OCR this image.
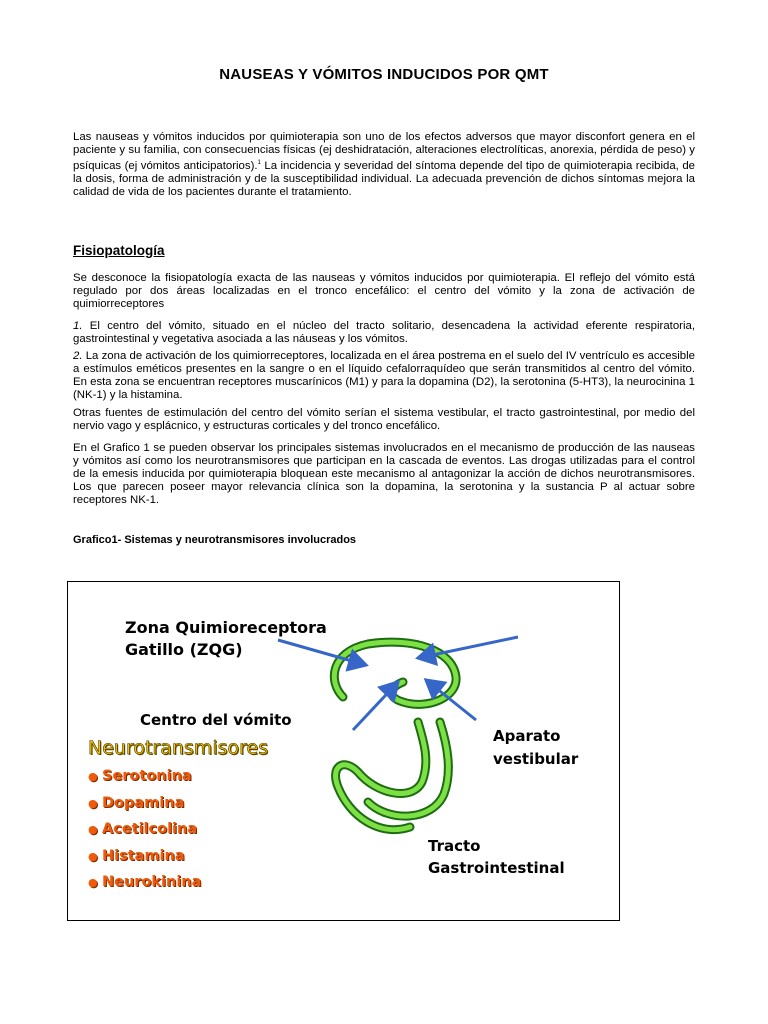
NAUSEAS Y VÓMITOS INDUCIDOS POR QMT

Las nauseas y vómitos inducidos por quimioterapia son uno de los efectos adversos que mayor disconfort genera en el paciente y su familia, con consecuencias físicas (ej deshidratación, alteraciones electrolíticas, anorexia, pérdida de peso) y psíquicas (ej vómitos anticipatorios).$^1$ La incidencia y severidad del síntoma depende del tipo de quimioterapia recibida, de la dosis, forma de administración y de la susceptibilidad individual. La adecuada prevención de dichos síntomas mejora la calidad de vida de los pacientes durante el tratamiento.

Fisiopatología

Se desconoce la fisiopatología exacta de las nauseas y vómitos inducidos por quimioterapia. El reflejo del vómito está regulado por dos áreas localizadas en el tronco encefálico: el centro del vómito y la zona de activación de quimiorreceptores

1. El centro del vómito, situado en el núcleo del tracto solitario, desencadena la actividad eferente respiratoria, gastrointestinal y vegetativa asociada a las náuseas y los vómitos.

2. La zona de activación de los quimiorreceptores, localizada en el área postrema en el suelo del IV ventrículo es accesible a estímulos eméticos presentes en la sangre o en el líquido cefalorraquídeo que serán transmitidos al centro del vómito. En esta zona se encuentran receptores muscarínicos (M1) y para la dopamina (D2), la serotonina (5-HT3), la neurocinina 1 (NK-1) y la histamina.

Otras fuentes de estimulación del centro del vómito serían el sistema vestibular, el tracto gastrointestinal, por medio del nervio vago y esplácnico, y estructuras corticales y del tronco encefálico.

En el Grafico 1 se pueden observar los principales sistemas involucrados en el mecanismo de producción de las nauseas y vómitos así como los neurotransmisores que participan en la cascada de eventos. Las drogas utilizadas para el control de la emesis inducida por quimioterapia bloquean este mecanismo al antagonizar la acción de dichos neurotransmisores. Los que parecen poseer mayor relevancia clínica son la dopamina, la serotonina y la sustancia P al actuar sobre receptores NK-1.

Grafico1- Sistemas y neurotransmisores involucrados
Zona Quimioreceptora
Gatillo (ZQG)
Centro del vómito
Neurotransmisores
● Serotonina
● Dopamina
● Acetilcolina
● Histamina
● Neurokinina
Aparato
vestibular
Tracto
Gastrointestinal
